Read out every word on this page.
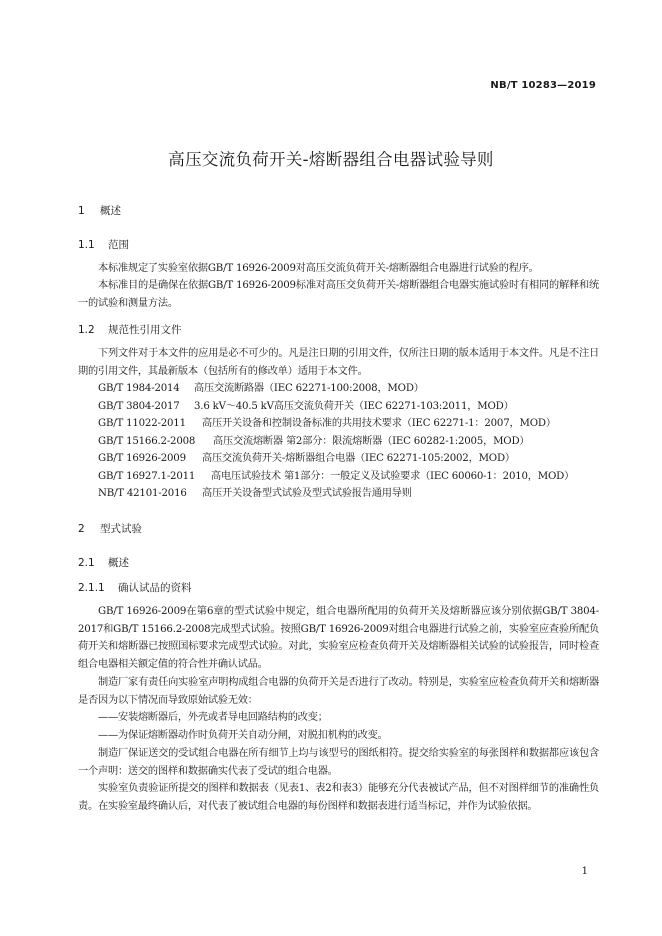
NB/T 10283—2019
高压交流负荷开关-熔断器组合电器试验导则
1 概述
1.1 范围
本标准规定了实验室依据GB/T 16926-2009对高压交流负荷开关-熔断器组合电器进行试验的程序。
本标准目的是确保在依据GB/T 16926-2009标准对高压交负荷开关-熔断器组合电器实施试验时有相同的解释和统一的试验和测量方法。
1.2 规范性引用文件
下列文件对于本文件的应用是必不可少的。凡是注日期的引用文件，仅所注日期的版本适用于本文件。凡是不注日期的引用文件，其最新版本（包括所有的修改单）适用于本文件。
GB/T 1984-2014 高压交流断路器（IEC 62271-100:2008，MOD）
GB/T 3804-2017 3.6 kV～40.5 kV高压交流负荷开关（IEC 62271-103:2011，MOD）
GB/T 11022-2011 高压开关设备和控制设备标准的共用技术要求（IEC 62271-1：2007，MOD）
GB/T 15166.2-2008 高压交流熔断器 第2部分：限流熔断器（IEC 60282-1:2005，MOD）
GB/T 16926-2009 高压交流负荷开关-熔断器组合电器（IEC 62271-105:2002，MOD）
GB/T 16927.1-2011 高电压试验技术 第1部分：一般定义及试验要求（IEC 60060-1：2010，MOD）
NB/T 42101-2016 高压开关设备型式试验及型式试验报告通用导则
2 型式试验
2.1 概述
2.1.1 确认试品的资料
GB/T 16926-2009在第6章的型式试验中规定，组合电器所配用的负荷开关及熔断器应该分别依据GB/T 3804-2017和GB/T 15166.2-2008完成型式试验。按照GB/T 16926-2009对组合电器进行试验之前，实验室应查验所配负荷开关和熔断器已按照国标要求完成型式试验。对此，实验室应检查负荷开关及熔断器相关试验的试验报告，同时检查组合电器相关额定值的符合性并确认试品。
制造厂家有责任向实验室声明构成组合电器的负荷开关是否进行了改动。特别是，实验室应检查负荷开关和熔断器是否因为以下情况而导致原始试验无效：
——安装熔断器后，外壳或者导电回路结构的改变；
——为保证熔断器动作时负荷开关自动分闸，对脱扣机构的改变。
制造厂保证送交的受试组合电器在所有细节上均与该型号的图纸相符。提交给实验室的每张图样和数据都应该包含一个声明：送交的图样和数据确实代表了受试的组合电器。
实验室负责验证所提交的图样和数据表（见表1、表2和表3）能够充分代表被试产品，但不对图样细节的准确性负责。在实验室最终确认后，对代表了被试组合电器的每份图样和数据表进行适当标记，并作为试验依据。
1
